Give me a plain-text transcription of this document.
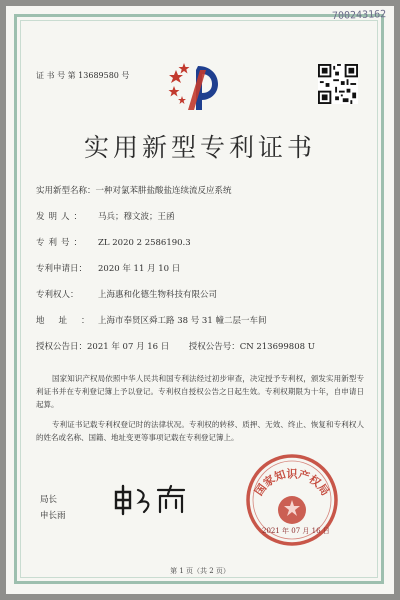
700243162
证 书 号 第 13689580 号
实用新型专利证书
实用新型名称：一种对氯苯肼盐酸盐连续流反应系统
发明人： 马兵；穆文波；王函
专利号： ZL 2020 2 2586190.3
专利申请日： 2020 年 11 月 10 日
专利权人： 上海惠和化德生物科技有限公司
地址：上海市奉贤区舜工路 38 号 31 幢二层一车间
授权公告日：2021 年 07 月 16 日 授权公告号：CN 213699808 U
国家知识产权局依照中华人民共和国专利法经过初步审查，决定授予专利权，颁发实用新型专利证书并在专利登记簿上予以登记。专利权自授权公告之日起生效。专利权期限为十年，自申请日起算。
专利证书记载专利权登记时的法律状况。专利权的转移、质押、无效、终止、恢复和专利权人的姓名或名称、国籍、地址变更等事项记载在专利登记簿上。
局长
申长雨
国家知识产权局
2021 年 07 月 16 日
第 1 页（共 2 页）
